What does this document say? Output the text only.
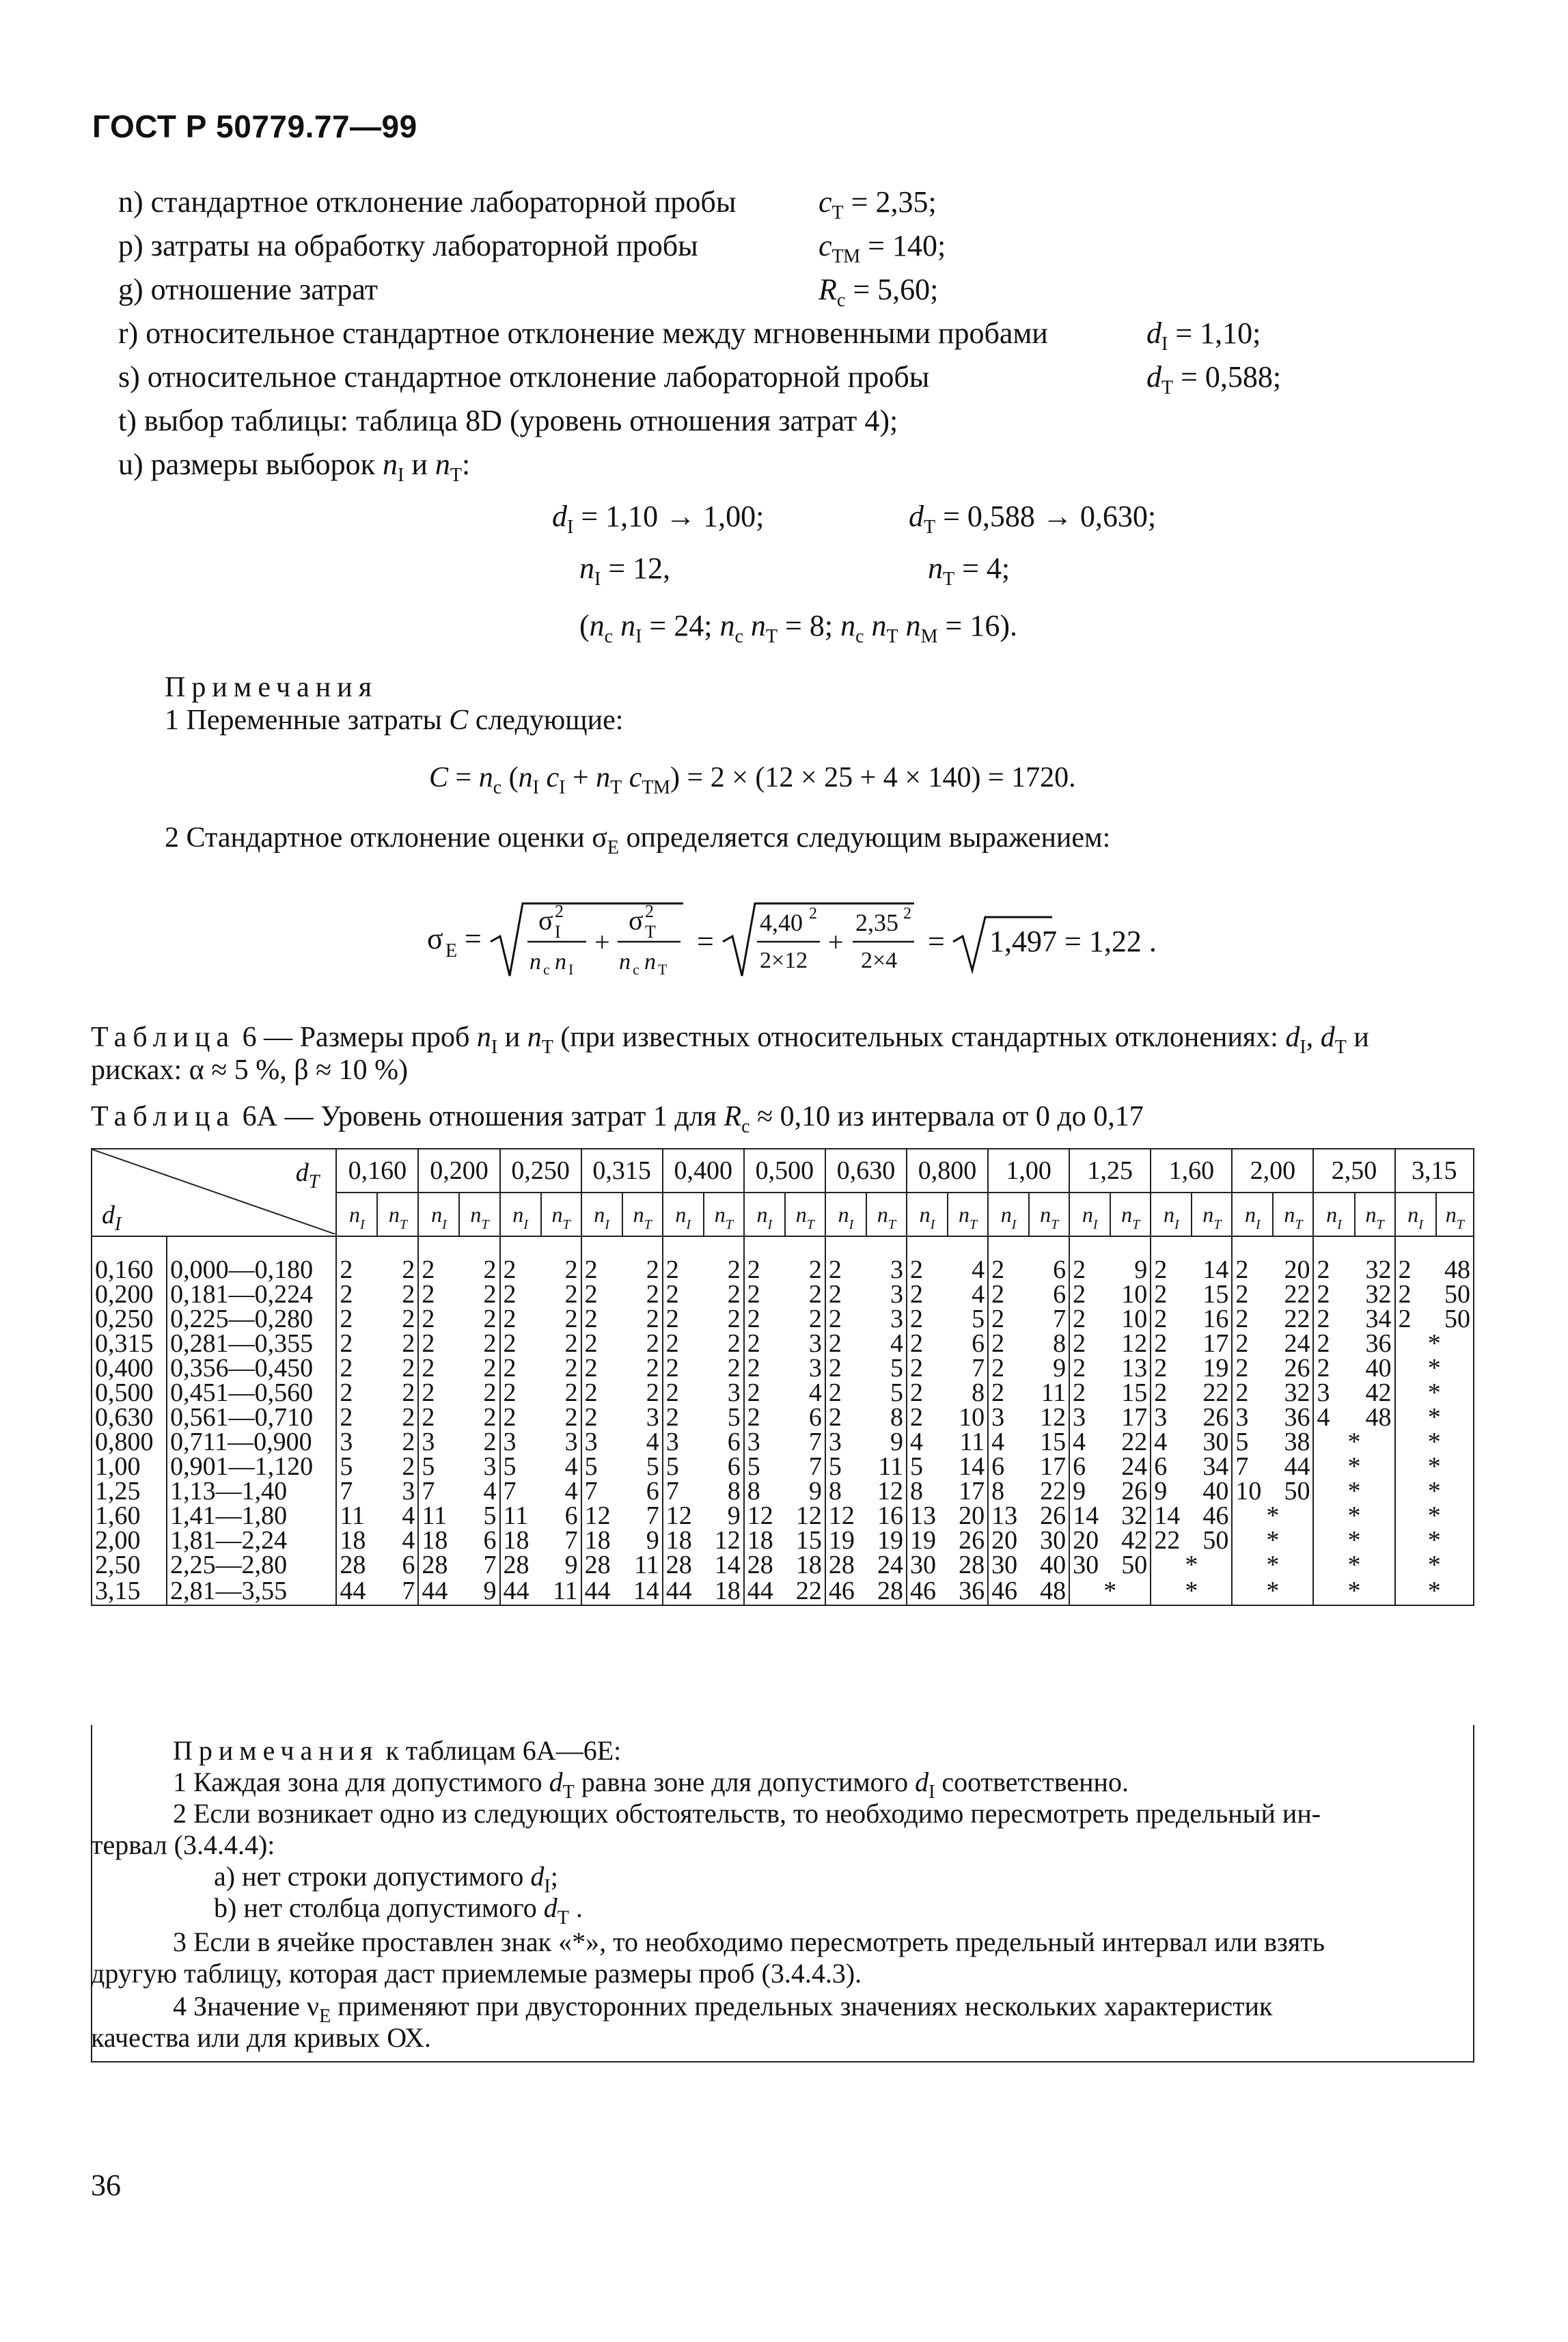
ГОСТ Р 50779.77—99
n) стандартное отклонение лабораторной пробы	$c_T = 2,35$;
p) затраты на обработку лабораторной пробы	$c_{ТМ} = 140$;
g) отношение затрат	$R_c = 5,60$;
r) относительное стандартное отклонение между мгновенными пробами	$d_I = 1,10$;
s) относительное стандартное отклонение лабораторной пробы	$d_T = 0,588$;
t) выбор таблицы: таблица 8D (уровень отношения затрат 4);
u) размеры выборок $n_I$ и $n_T$:
$d_I = 1,10 \to 1,00$;	$d_T = 0,588 \to 0,630$;
$n_I = 12$,	$n_T = 4$;
($n_c$ $n_I = 24$; $n_c$ $n_T = 8$; $n_c$ $n_T$ $n_M = 16$).
Примечания
1 Переменные затраты C следующие:
$C = n_c$ ($n_I$ $c_I + n_T$ $c_{ТМ}) = 2 \times (12 \times 25 + 4 \times 140) = 1720$.
2 Стандартное отклонение оценки $\sigma_E$ определяется следующим выражением:
σ E =
σ 2
I
n c n I
+
σ 2
T
n c n T
=
4,40 2
2×12
+
2,35 2
2×4
= 1,497 = 1,22 .
Таблица 6 — Размеры проб $n_I$ и $n_T$ (при известных относительных стандартных отклонениях: $d_I$, $d_T$ и
рисках: α ≈ 5 %, β ≈ 10 %)
Таблица 6А — Уровень отношения затрат 1 для $R_c \approx 0,10$ из интервала от 0 до 0,17
$d_T$
$d_I$		0,160		0,200		0,250		0,315		0,400		0,500		0,630		0,800		1,00		1,25		1,60		2,00		2,50		3,15	
		$n_I$	$n_T$	$n_I$	$n_T$	$n_I$	$n_T$	$n_I$	$n_T$	$n_I$	$n_T$	$n_I$	$n_T$	$n_I$	$n_T$	$n_I$	$n_T$	$n_I$	$n_T$	$n_I$	$n_T$	$n_I$	$n_T$	$n_I$	$n_T$	$n_I$	$n_T$	$n_I$	$n_T$

0,160	0,000—0,180	2	2	2	2	2	2	2	2	2	2	2	2	2	3	2	4	2	6	2	9	2	14	2	20	2	32	2	48
0,200	0,181—0,224	2	2	2	2	2	2	2	2	2	2	2	2	2	3	2	4	2	6	2	10	2	15	2	22	2	32	2	50
0,250	0,225—0,280	2	2	2	2	2	2	2	2	2	2	2	2	2	3	2	5	2	7	2	10	2	16	2	22	2	34	2	50
0,315	0,281—0,355	2	2	2	2	2	2	2	2	2	2	2	3	2	4	2	6	2	8	2	12	2	17	2	24	2	36	*	
0,400	0,356—0,450	2	2	2	2	2	2	2	2	2	2	2	3	2	5	2	7	2	9	2	13	2	19	2	26	2	40	*	
0,500	0,451—0,560	2	2	2	2	2	2	2	2	2	3	2	4	2	5	2	8	2	11	2	15	2	22	2	32	3	42	*	
0,630	0,561—0,710	2	2	2	2	2	2	2	3	2	5	2	6	2	8	2	10	3	12	3	17	3	26	3	36	4	48	*	
0,800	0,711—0,900	3	2	3	2	3	3	3	4	3	6	3	7	3	9	4	11	4	15	4	22	4	30	5	38	*		*	
1,00	0,901—1,120	5	2	5	3	5	4	5	5	5	6	5	7	5	11	5	14	6	17	6	24	6	34	7	44	*		*	
1,25	1,13—1,40	7	3	7	4	7	4	7	6	7	8	8	9	8	12	8	17	8	22	9	26	9	40	10	50	*		*	
1,60	1,41—1,80	11	4	11	5	11	6	12	7	12	9	12	12	12	16	13	20	13	26	14	32	14	46	*		*		*	
2,00	1,81—2,24	18	4	18	6	18	7	18	9	18	12	18	15	19	19	19	26	20	30	20	42	22	50	*		*		*	
2,50	2,25—2,80	28	6	28	7	28	9	28	11	28	14	28	18	28	24	30	28	30	40	30	50	*		*		*		*	
3,15	2,81—3,55	44	7	44	9	44	11	44	14	44	18	44	22	46	28	46	36	46	48	*		*		*		*		*	
Примечания к таблицам 6А—6Е:
1 Каждая зона для допустимого $d_T$ равна зоне для допустимого $d_I$ соответственно.
2 Если возникает одно из следующих обстоятельств, то необходимо пересмотреть предельный ин-
тервал (3.4.4.4):
a) нет строки допустимого $d_I$;
b) нет столбца допустимого $d_T$ .
3 Если в ячейке проставлен знак «*», то необходимо пересмотреть предельный интервал или взять
другую таблицу, которая даст приемлемые размеры проб (3.4.4.3).
4 Значение $\nu_E$ применяют при двусторонних предельных значениях нескольких характеристик
качества или для кривых ОХ.
36
